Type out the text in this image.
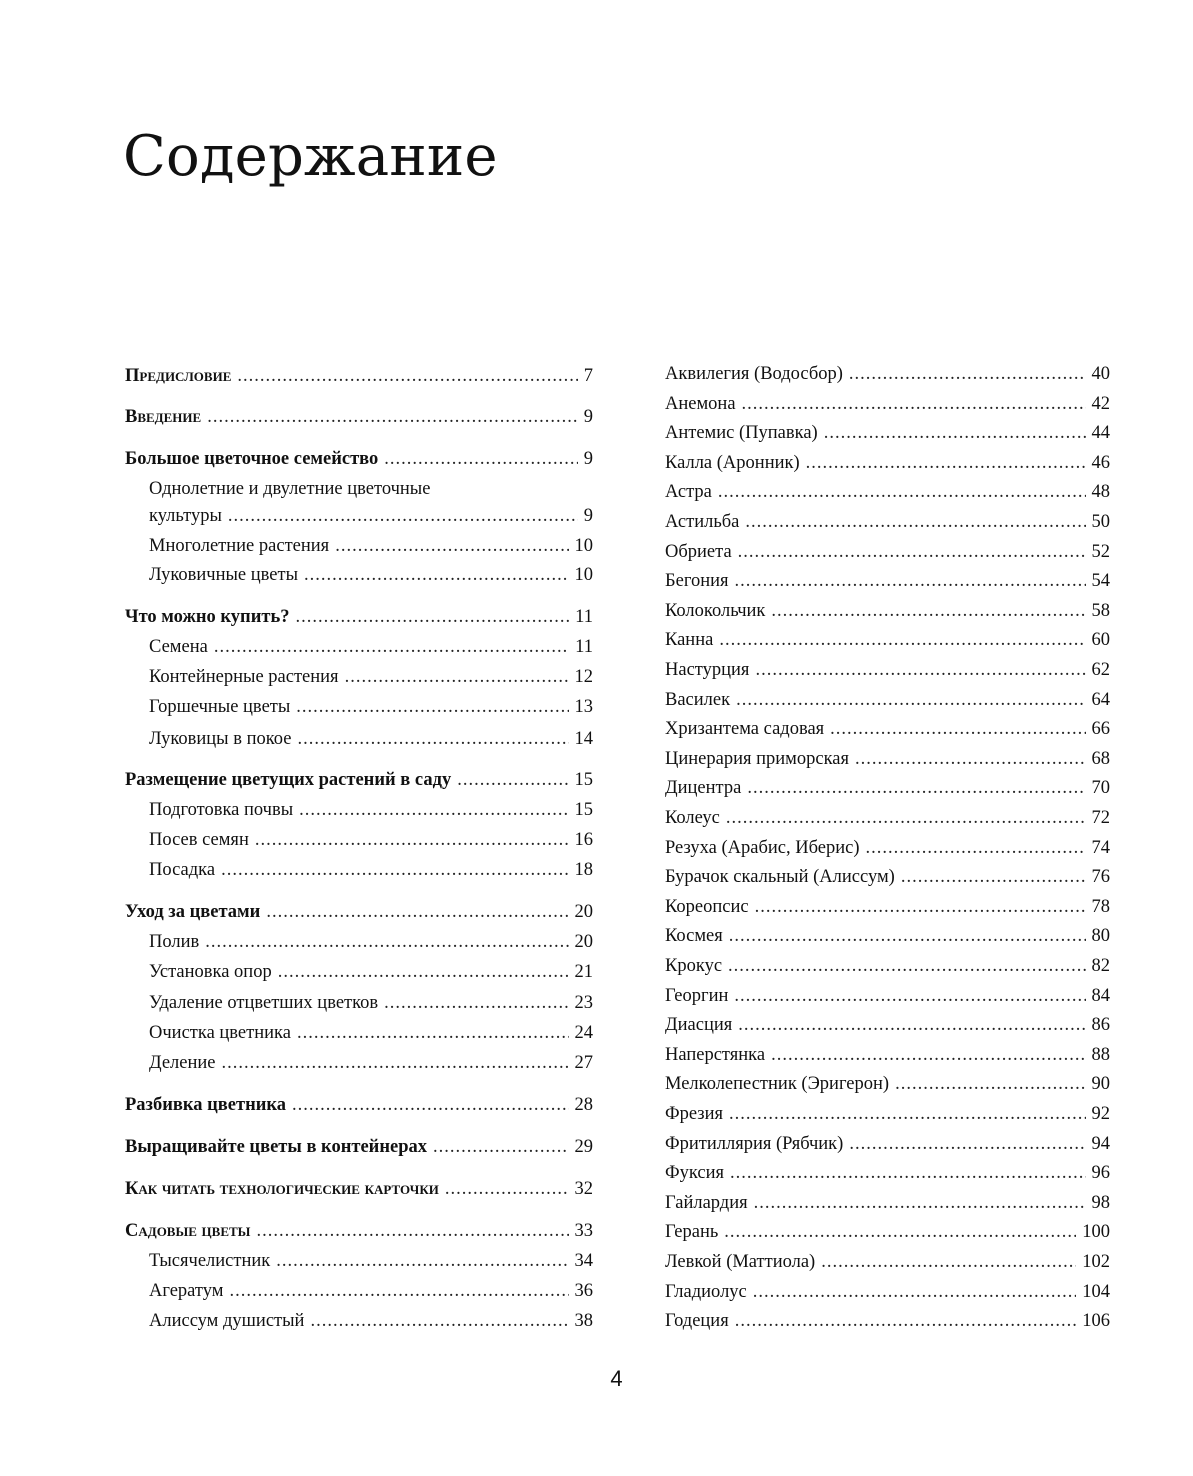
Содержание
Предисловие .....	7
Введение .....	9
Большое цветочное семейство .....	9
Однолетние и двулетние цветочные
культуры .....	9
Многолетние растения .....	10
Луковичные цветы .....	10
Что можно купить? .....	11
Семена .....	11
Контейнерные растения .....	12
Горшечные цветы .....	13
Луковицы в покое .....	14
Размещение цветущих растений в саду .....	15
Подготовка почвы .....	15
Посев семян .....	16
Посадка .....	18
Уход за цветами .....	20
Полив .....	20
Установка опор .....	21
Удаление отцветших цветков .....	23
Очистка цветника .....	24
Деление .....	27
Разбивка цветника .....	28
Выращивайте цветы в контейнерах .....	29
Как читать технологические карточки .....	32
Садовые цветы .....	33
Тысячелистник .....	34
Агератум .....	36
Алиссум душистый .....	38
Аквилегия (Водосбор) .....	40
Анемона .....	42
Антемис (Пупавка) .....	44
Калла (Аронник) .....	46
Астра .....	48
Астильба .....	50
Обриета .....	52
Бегония .....	54
Колокольчик .....	58
Канна .....	60
Настурция .....	62
Василек .....	64
Хризантема садовая .....	66
Цинерария приморская .....	68
Дицентра .....	70
Колеус .....	72
Резуха (Арабис, Иберис) .....	74
Бурачок скальный (Алиссум) .....	76
Кореопсис .....	78
Космея .....	80
Крокус .....	82
Георгин .....	84
Диасция .....	86
Наперстянка .....	88
Мелколепестник (Эригерон) .....	90
Фрезия .....	92
Фритиллярия (Рябчик) .....	94
Фуксия .....	96
Гайлардия .....	98
Герань .....	100
Левкой (Маттиола) .....	102
Гладиолус .....	104
Годеция .....	106
4
